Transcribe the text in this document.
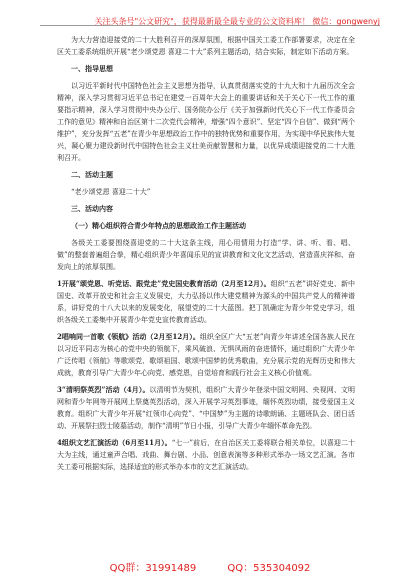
关注头条号"公文研究"，获得最新最全最专业的公文资料库！ 微信：gongwenyj

为大力营造迎接党的二十大胜利召开的深厚氛围，根据中国关工委工作部署要求，决定在全区关工委系统组织开展“老少颂党恩 喜迎二十大”系列主题活动，结合实际，制定如下活动方案。

一、指导思想

以习近平新时代中国特色社会主义思想为指导，认真贯彻落实党的十九大和十九届历次全会精神，深入学习贯彻习近平总书记在建党一百周年大会上的重要讲话和关于关心下一代工作的重要指示精神，深入学习贯彻中央办公厅、国务院办公厅《关于加强新时代关心下一代工作委员会工作的意见》精神和自治区第十二次党代会精神，增强“四个意识”、坚定“四个自信”、做到“两个维护”，充分发挥“五老”在青少年思想政治工作中的独特优势和重要作用，为实现中华民族伟大复兴，凝心聚力建设新时代中国特色社会主义壮美贡献智慧和力量，以优异成绩迎接党的二十大胜利召开。

二、活动主题

“老少颂党恩 喜迎二十大”

三、活动内容

（一）精心组织符合青少年特点的思想政治工作主题活动

各级关工委要围绕喜迎党的二十大这条主线，用心用情用力打造“学、讲、听、看、唱、做”的整套普遍组合拳，精心组织青少年喜闻乐见的宣讲教育和文化文艺活动，营造喜庆祥和、奋发向上的浓厚氛围。

1开展“颂党恩、听党话、跟党走”党史国史教育活动（2月至12月）。组织“五老”讲好党史、新中国史、改革开放史和社会主义发展史，大力弘扬以伟大建党精神为源头的中国共产党人的精神谱系，讲好党的十八大以来的发展变化，展望党的二十大蓝图。把丁凯确定为青少年党史学习，组织各级关工委集中开展青少年党史宣传教育活动。

2唱响同一首歌《领航》活动（2月至12月）。组织全区广大“五老”向青少年讲述全国各族人民在以习近平同志为核心的党中央的领航下，乘风破浪、无惧风雨的奋进情怀，通过组织广大青少年广泛传唱《领航》等歌颂党、歌颂祖国、歌颂中国梦的优秀歌曲，充分展示党的光辉历史和伟大成就，教育引导广大青少年心向党、感党恩，自觉培育和践行社会主义核心价值观。

3“清明祭英烈”活动（4月）。以清明节为契机，组织广大青少年登录中国文明网、央视网、文明网和青少年网等开展网上祭奠英烈活动，深入开展学习英烈事迹，缅怀英烈功绩，接受爱国主义教育。组织广大青少年开展“红领巾心向党”、“中国梦”为主题的诗歌朗诵、主题班队会、团日活动、开展祭扫烈士陵墓活动，制作“清明”节日小报，引导广大青少年缅怀革命先烈。

4组织文艺汇演活动（6月至11月）。“七一”前后，在自治区关工委将联合相关单位，以喜迎二十大为主线，通过童声合唱、戏曲、舞台剧、小品、创意表演等多种形式举办一场文艺汇演。各市关工委可根据实际，选择适宜的形式举办本市的文艺汇演活动。

QQ群：31991489	QQ：535304092
